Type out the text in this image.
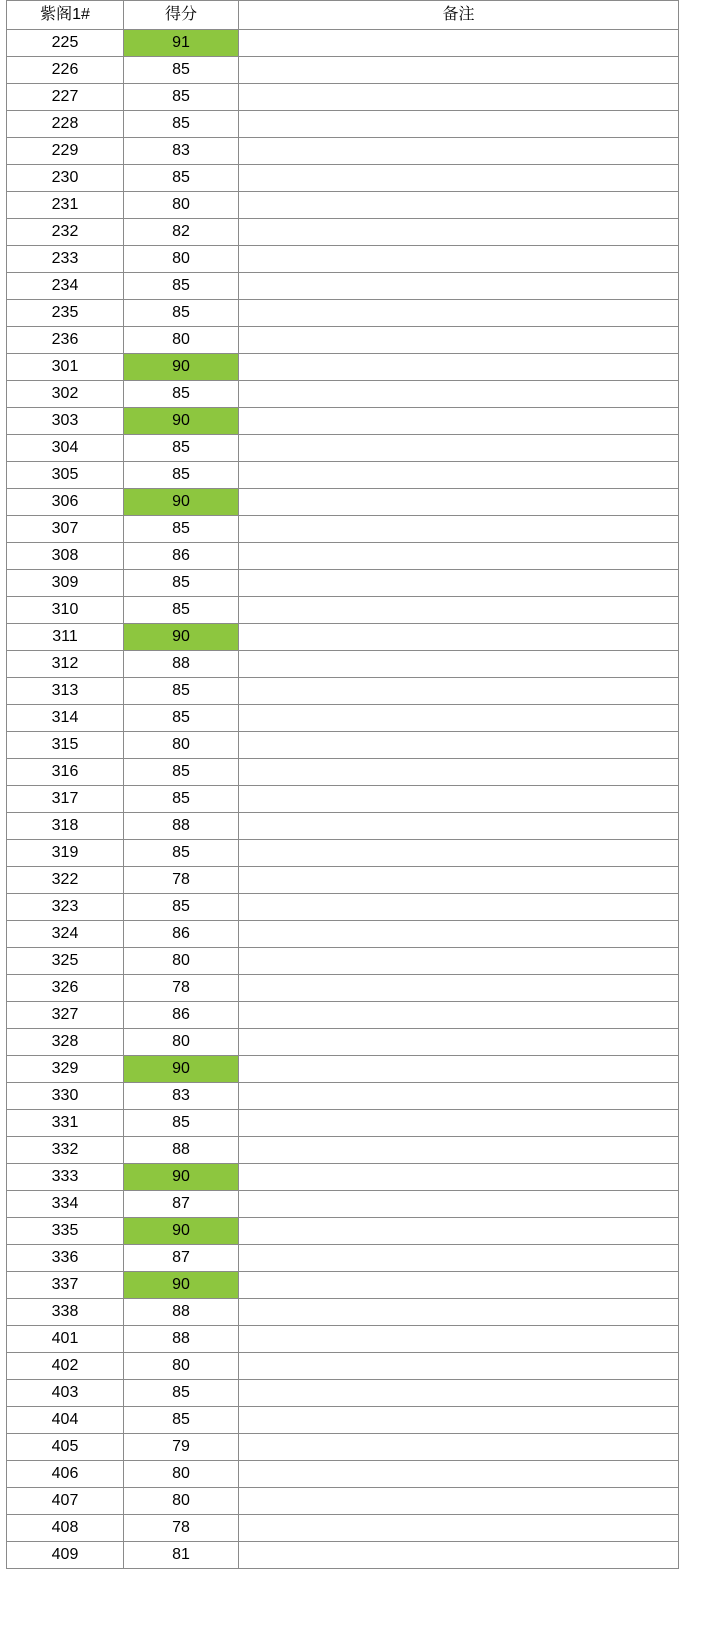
紫阁1#	得分	备注
225	91	
226	85	
227	85	
228	85	
229	83	
230	85	
231	80	
232	82	
233	80	
234	85	
235	85	
236	80	
301	90	
302	85	
303	90	
304	85	
305	85	
306	90	
307	85	
308	86	
309	85	
310	85	
311	90	
312	88	
313	85	
314	85	
315	80	
316	85	
317	85	
318	88	
319	85	
322	78	
323	85	
324	86	
325	80	
326	78	
327	86	
328	80	
329	90	
330	83	
331	85	
332	88	
333	90	
334	87	
335	90	
336	87	
337	90	
338	88	
401	88	
402	80	
403	85	
404	85	
405	79	
406	80	
407	80	
408	78	
409	81	
